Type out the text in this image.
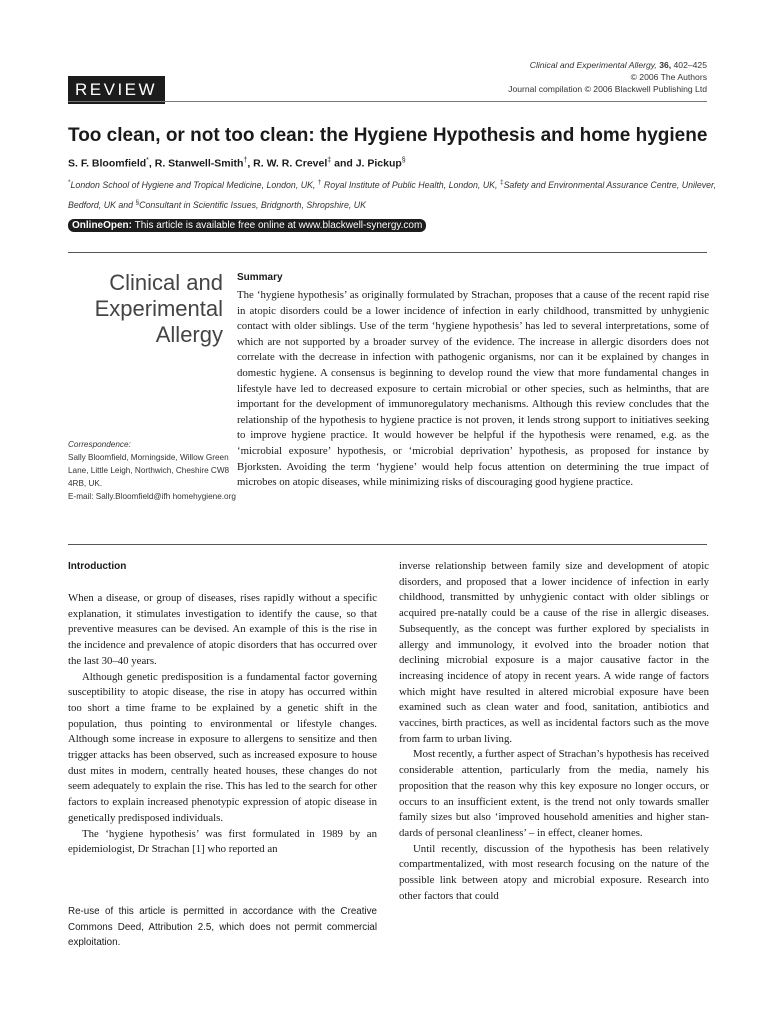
Clinical and Experimental Allergy, 36, 402–425
© 2006 The Authors
Journal compilation © 2006 Blackwell Publishing Ltd
REVIEW
Too clean, or not too clean: the Hygiene Hypothesis and home hygiene
S. F. Bloomfield*, R. Stanwell-Smith†, R. W. R. Crevel‡ and J. Pickup§
*London School of Hygiene and Tropical Medicine, London, UK, † Royal Institute of Public Health, London, UK, ‡Safety and Environmental Assurance Centre, Unilever, Bedford, UK and §Consultant in Scientific Issues, Bridgnorth, Shropshire, UK
OnlineOpen: This article is available free online at www.blackwell-synergy.com
Clinical and
Experimental
Allergy
Correspondence:
Sally Bloomfield, Morningside, Willow Green Lane, Little Leigh, Northwich, Cheshire CW8 4RB, UK.
E-mail: Sally.Bloomfield@ifh homehygiene.org
Summary
The ‘hygiene hypothesis’ as originally formulated by Strachan, proposes that a cause of the recent rapid rise in atopic disorders could be a lower incidence of infection in early childhood, transmitted by unhygienic contact with older siblings. Use of the term ‘hygiene hypothesis’ has led to several interpretations, some of which are not supported by a broader survey of the evidence. The increase in allergic disorders does not correlate with the decrease in infection with pathogenic organisms, nor can it be explained by changes in domestic hygiene. A consensus is beginning to develop round the view that more fundamental changes in lifestyle have led to decreased exposure to certain microbial or other species, such as helminths, that are important for the development of immunoregulatory mechanisms. Although this review concludes that the relationship of the hypothesis to hygiene practice is not proven, it lends strong support to initiatives seeking to improve hygiene practice. It would however be helpful if the hypothesis were renamed, e.g. as the ‘microbial exposure’ hypothesis, or ‘microbial deprivation’ hypothesis, as proposed for instance by Bjorksten. Avoiding the term ‘hygiene’ would help focus attention on determining the true impact of microbes on atopic diseases, while minimizing risks of discouraging good hygiene practice.
Introduction

When a disease, or group of diseases, rises rapidly without a specific explanation, it stimulates investigation to identify the cause, so that preventive measures can be devised. An example of this is the rise in the incidence and prevalence of atopic disorders that has occurred over the last 30–40 years.

Although genetic predisposition is a fundamental factor governing susceptibility to atopic disease, the rise in atopy has occurred within too short a time frame to be explained by a genetic shift in the population, thus pointing to environmental or lifestyle changes. Although some increase in exposure to allergens to sensitize and then trigger attacks has been observed, such as increased exposure to house dust mites in modern, centrally heated houses, these changes do not seem adequately to explain the rise. This has led to the search for other factors to explain increased phenotypic expression of atopic disease in genetically predisposed individuals.

The ‘hygiene hypothesis’ was first formulated in 1989 by an epidemiologist, Dr Strachan [1] who reported an

Re-use of this article is permitted in accordance with the Creative Commons Deed, Attribution 2.5, which does not permit commercial exploitation.

inverse relationship between family size and development of atopic disorders, and proposed that a lower incidence of infection in early childhood, transmitted by unhygienic contact with older siblings or acquired pre-natally could be a cause of the rise in allergic diseases. Subsequently, as the concept was further explored by specialists in allergy and immunology, it evolved into the broader notion that declining microbial exposure is a major causative factor in the increasing incidence of atopy in recent years. A wide range of factors which might have resulted in altered microbial exposure have been examined such as clean water and food, sanitation, antibiotics and vaccines, birth practices, as well as incidental factors such as the move from farm to urban living.

Most recently, a further aspect of Strachan’s hypothesis has received considerable attention, particularly from the media, namely his proposition that the reason why this key exposure no longer occurs, or occurs to an insufficient extent, is the trend not only towards smaller family sizes but also ‘improved household amenities and higher standards of personal cleanliness’ – in effect, cleaner homes.

Until recently, discussion of the hypothesis has been relatively compartmentalized, with most research focusing on the nature of the possible link between atopy and microbial exposure. Research into other factors that could
